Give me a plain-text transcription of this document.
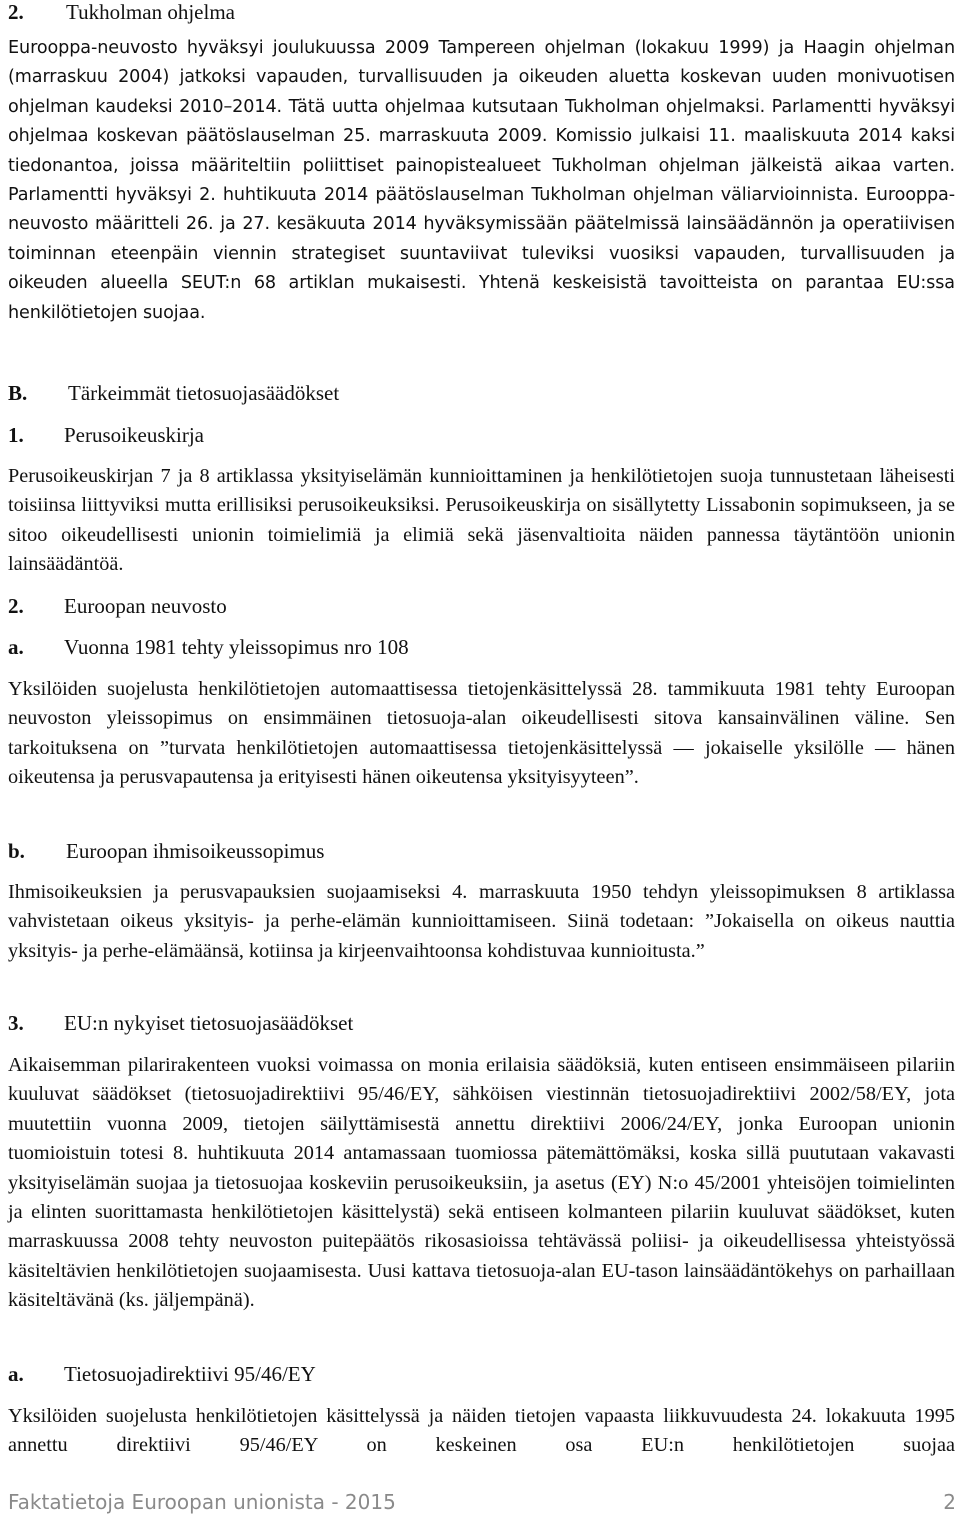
2. Tukholman ohjelma

Eurooppa-neuvosto hyväksyi joulukuussa 2009 Tampereen ohjelman (lokakuu 1999) ja Haagin ohjelman (marraskuu 2004) jatkoksi vapauden, turvallisuuden ja oikeuden aluetta koskevan uuden monivuotisen ohjelman kaudeksi 2010–2014. Tätä uutta ohjelmaa kutsutaan Tukholman ohjelmaksi. Parlamentti hyväksyi ohjelmaa koskevan päätöslauselman 25. marraskuuta 2009. Komissio julkaisi 11. maaliskuuta 2014 kaksi tiedonantoa, joissa määriteltiin poliittiset painopistealueet Tukholman ohjelman jälkeistä aikaa varten. Parlamentti hyväksyi 2. huhtikuuta 2014 päätöslauselman Tukholman ohjelman väliarvioinnista. Eurooppa-neuvosto määritteli 26. ja 27. kesäkuuta 2014 hyväksymissään päätelmissä lainsäädännön ja operatiivisen toiminnan eteenpäin viennin strategiset suuntaviivat tuleviksi vuosiksi vapauden, turvallisuuden ja oikeuden alueella SEUT:n 68 artiklan mukaisesti. Yhtenä keskeisistä tavoitteista on parantaa EU:ssa henkilötietojen suojaa.

B. Tärkeimmät tietosuojasäädökset
1. Perusoikeuskirja

Perusoikeuskirjan 7 ja 8 artiklassa yksityiselämän kunnioittaminen ja henkilötietojen suoja tunnustetaan läheisesti toisiinsa liittyviksi mutta erillisiksi perusoikeuksiksi. Perusoikeuskirja on sisällytetty Lissabonin sopimukseen, ja se sitoo oikeudellisesti unionin toimielimiä ja elimiä sekä jäsenvaltioita näiden pannessa täytäntöön unionin lainsäädäntöä.

2. Euroopan neuvosto
a. Vuonna 1981 tehty yleissopimus nro 108

Yksilöiden suojelusta henkilötietojen automaattisessa tietojenkäsittelyssä 28. tammikuuta 1981 tehty Euroopan neuvoston yleissopimus on ensimmäinen tietosuoja-alan oikeudellisesti sitova kansainvälinen väline. Sen tarkoituksena on ”turvata henkilötietojen automaattisessa tietojenkäsittelyssä — jokaiselle yksilölle — hänen oikeutensa ja perusvapautensa ja erityisesti hänen oikeutensa yksityisyyteen”.

b. Euroopan ihmisoikeussopimus

Ihmisoikeuksien ja perusvapauksien suojaamiseksi 4. marraskuuta 1950 tehdyn yleissopimuksen 8 artiklassa vahvistetaan oikeus yksityis- ja perhe-elämän kunnioittamiseen. Siinä todetaan: ”Jokaisella on oikeus nauttia yksityis- ja perhe-elämäänsä, kotiinsa ja kirjeenvaihtoonsa kohdistuvaa kunnioitusta.”

3. EU:n nykyiset tietosuojasäädökset

Aikaisemman pilarirakenteen vuoksi voimassa on monia erilaisia säädöksiä, kuten entiseen ensimmäiseen pilariin kuuluvat säädökset (tietosuojadirektiivi 95/46/EY, sähköisen viestinnän tietosuojadirektiivi 2002/58/EY, jota muutettiin vuonna 2009, tietojen säilyttämisestä annettu direktiivi 2006/24/EY, jonka Euroopan unionin tuomioistuin totesi 8. huhtikuuta 2014 antamassaan tuomiossa pätemättömäksi, koska sillä puututaan vakavasti yksityiselämän suojaa ja tietosuojaa koskeviin perusoikeuksiin, ja asetus (EY) N:o 45/2001 yhteisöjen toimielinten ja elinten suorittamasta henkilötietojen käsittelystä) sekä entiseen kolmanteen pilariin kuuluvat säädökset, kuten marraskuussa 2008 tehty neuvoston puitepäätös rikosasioissa tehtävässä poliisi- ja oikeudellisessa yhteistyössä käsiteltävien henkilötietojen suojaamisesta. Uusi kattava tietosuoja-alan EU-tason lainsäädäntökehys on parhaillaan käsiteltävänä (ks. jäljempänä).

a. Tietosuojadirektiivi 95/46/EY

Yksilöiden suojelusta henkilötietojen käsittelyssä ja näiden tietojen vapaasta liikkuvuudesta 24. lokakuuta 1995 annettu direktiivi 95/46/EY on keskeinen osa EU:n henkilötietojen suojaa

Faktatietoja Euroopan unionista - 2015	2
